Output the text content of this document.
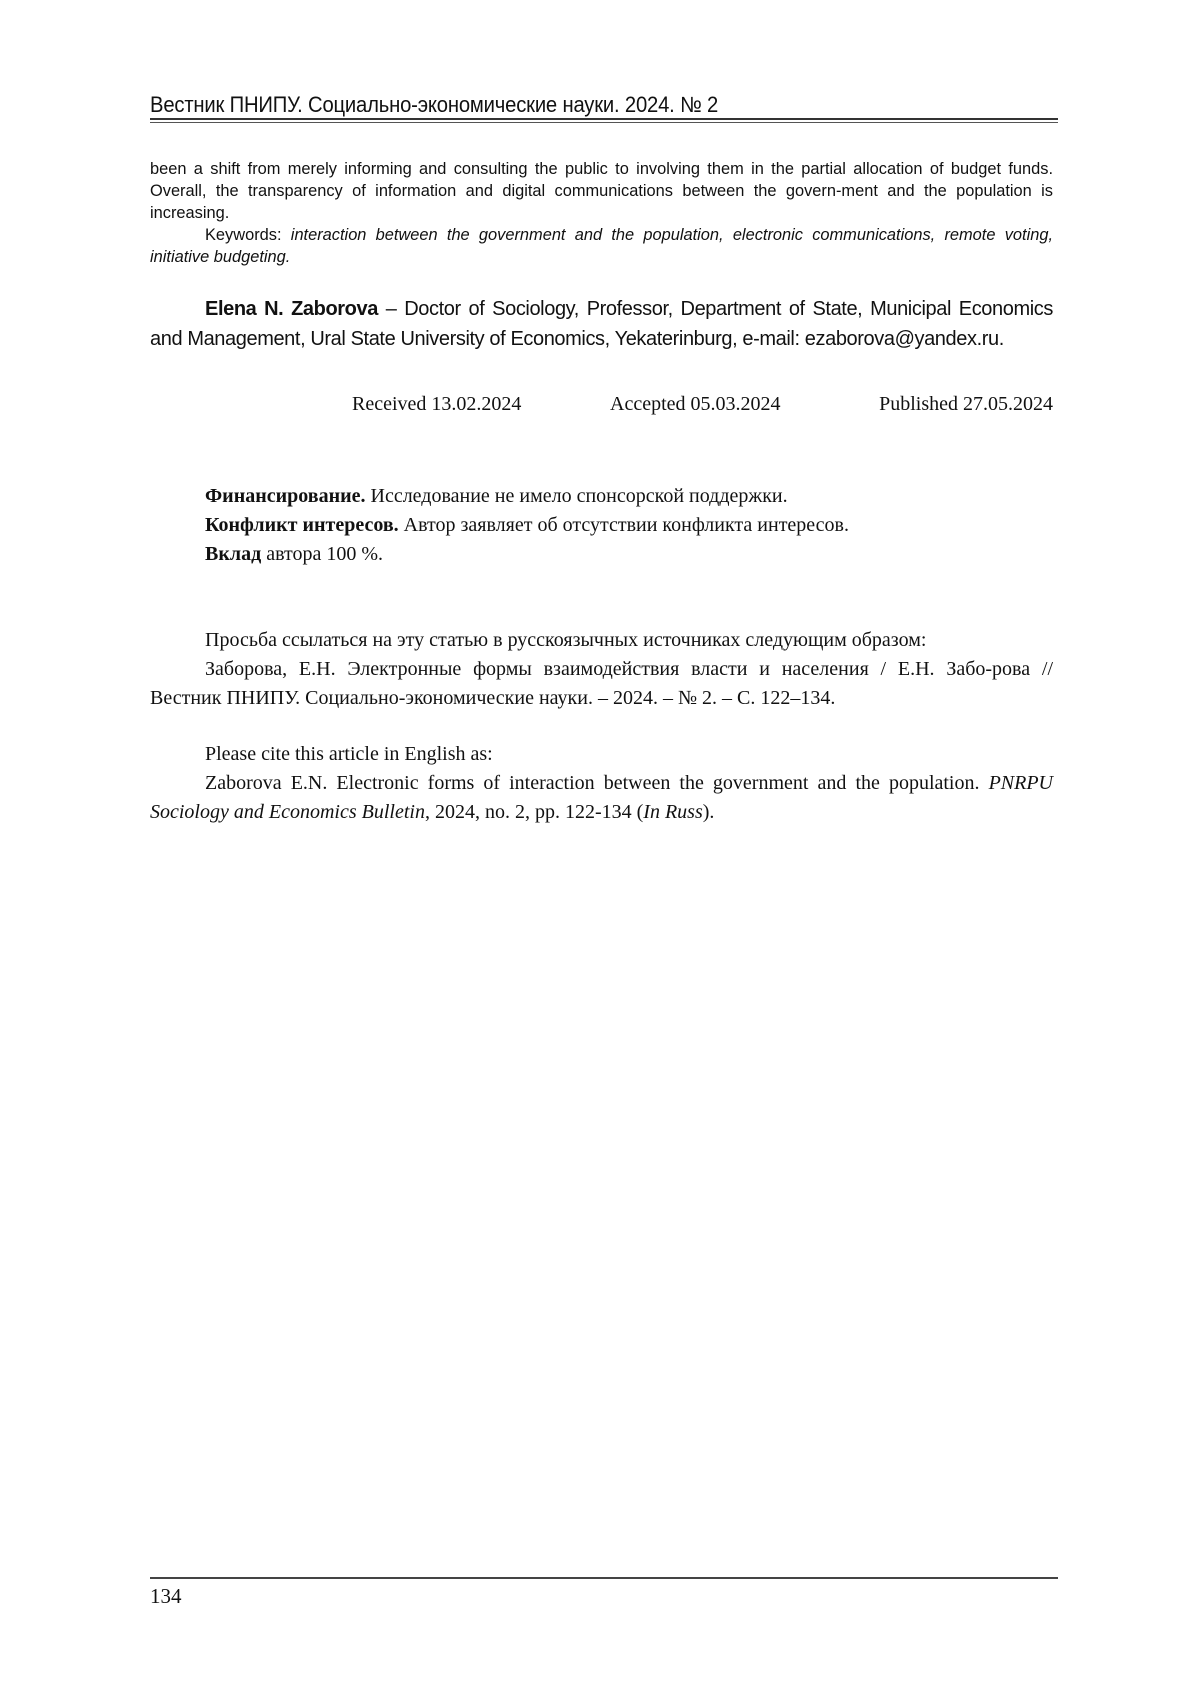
Вестник ПНИПУ. Социально-экономические науки. 2024. № 2

been a shift from merely informing and consulting the public to involving them in the partial allocation of budget funds. Overall, the transparency of information and digital communications between the govern-ment and the population is increasing.

Keywords: interaction between the government and the population, electronic communications, remote voting, initiative budgeting.

Elena N. Zaborova – Doctor of Sociology, Professor, Department of State, Municipal Economics and Management, Ural State University of Economics, Yekaterinburg, e-mail: ezaborova@yandex.ru.

Received 13.02.2024	Accepted 05.03.2024	Published 27.05.2024

Финансирование. Исследование не имело спонсорской поддержки.

Конфликт интересов. Автор заявляет об отсутствии конфликта интересов.

Вклад автора 100 %.

Просьба ссылаться на эту статью в русскоязычных источниках следующим образом:

Заборова, Е.Н. Электронные формы взаимодействия власти и населения / Е.Н. Забо-рова // Вестник ПНИПУ. Социально-экономические науки. – 2024. – № 2. – С. 122–134.

Please cite this article in English as:

Zaborova E.N. Electronic forms of interaction between the government and the population. PNRPU Sociology and Economics Bulletin, 2024, no. 2, pp. 122-134 (In Russ).

134
